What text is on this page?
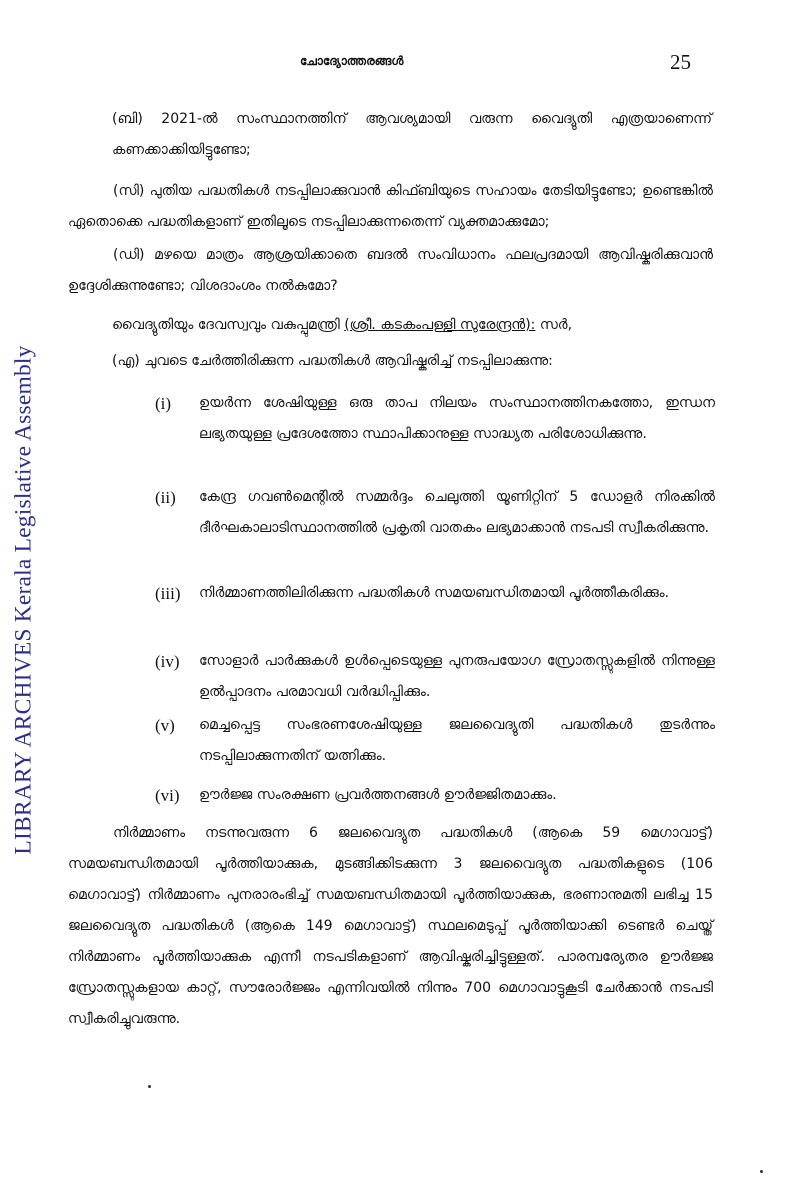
LIBRARY ARCHIVES Kerala Legislative Assembly
ചോദ്യോത്തരങ്ങൾ	25
(ബി) 2021-ൽ സംസ്ഥാനത്തിന് ആവശ്യമായി വരുന്ന വൈദ്യുതി എത്രയാണെന്ന് കണക്കാക്കിയിട്ടുണ്ടോ;
(സി) പുതിയ പദ്ധതികൾ നടപ്പിലാക്കുവാൻ കിഫ്ബിയുടെ സഹായം തേടിയിട്ടുണ്ടോ; ഉണ്ടെങ്കിൽ ഏതൊക്കെ പദ്ധതികളാണ് ഇതിലൂടെ നടപ്പിലാക്കുന്നതെന്ന് വ്യക്തമാക്കുമോ;
(ഡി) മഴയെ മാത്രം ആശ്രയിക്കാതെ ബദൽ സംവിധാനം ഫലപ്രദമായി ആവിഷ്കരിക്കുവാൻ ഉദ്ദേശിക്കുന്നുണ്ടോ; വിശദാംശം നൽകുമോ?
വൈദ്യുതിയും ദേവസ്വവും വകുപ്പുമന്ത്രി (ശ്രീ. കടകംപള്ളി സുരേന്ദ്രൻ): സർ,
(എ) ചുവടെ ചേർത്തിരിക്കുന്ന പദ്ധതികൾ ആവിഷ്കരിച്ച് നടപ്പിലാക്കുന്നു:
(i)	ഉയർന്ന ശേഷിയുള്ള ഒരു താപ നിലയം സംസ്ഥാനത്തിനകത്തോ, ഇന്ധന ലഭ്യതയുള്ള പ്രദേശത്തോ സ്ഥാപിക്കാനുള്ള സാദ്ധ്യത പരിശോധിക്കുന്നു.
(ii)	കേന്ദ്ര ഗവൺമെന്റിൽ സമ്മർദ്ദം ചെലുത്തി യൂണിറ്റിന് 5 ഡോളർ നിരക്കിൽ ദീർഘകാലാടിസ്ഥാനത്തിൽ പ്രകൃതി വാതകം ലഭ്യമാക്കാൻ നടപടി സ്വീകരിക്കുന്നു.
(iii)	നിർമ്മാണത്തിലിരിക്കുന്ന പദ്ധതികൾ സമയബന്ധിതമായി പൂർത്തീകരിക്കും.
(iv)	സോളാർ പാർക്കുകൾ ഉൾപ്പെടെയുള്ള പുനരുപയോഗ സ്രോതസ്സുകളിൽ നിന്നുള്ള ഉൽപ്പാദനം പരമാവധി വർദ്ധിപ്പിക്കും.
(v)	മെച്ചപ്പെട്ട സംഭരണശേഷിയുള്ള ജലവൈദ്യുതി പദ്ധതികൾ തുടർന്നും നടപ്പിലാക്കുന്നതിന് യത്നിക്കും.
(vi)	ഊർജ്ജ സംരക്ഷണ പ്രവർത്തനങ്ങൾ ഊർജ്ജിതമാക്കും.
നിർമ്മാണം നടന്നുവരുന്ന 6 ജലവൈദ്യുത പദ്ധതികൾ (ആകെ 59 മെഗാവാട്ട്) സമയബന്ധിതമായി പൂർത്തിയാക്കുക, മുടങ്ങിക്കിടക്കുന്ന 3 ജലവൈദ്യുത പദ്ധതികളുടെ (106 മെഗാവാട്ട്) നിർമ്മാണം പുനരാരംഭിച്ച് സമയബന്ധിതമായി പൂർത്തിയാക്കുക, ഭരണാനുമതി ലഭിച്ച 15 ജലവൈദ്യുത പദ്ധതികൾ (ആകെ 149 മെഗാവാട്ട്) സ്ഥലമെടുപ്പ് പൂർത്തിയാക്കി ടെണ്ടർ ചെയ്ത് നിർമ്മാണം പൂർത്തിയാക്കുക എന്നീ നടപടികളാണ് ആവിഷ്കരിച്ചിട്ടുള്ളത്. പാരമ്പര്യേതര ഊർജ്ജ സ്രോതസ്സുകളായ കാറ്റ്, സൗരോർജ്ജം എന്നിവയിൽ നിന്നും 700 മെഗാവാട്ടുകൂടി ചേർക്കാൻ നടപടി സ്വീകരിച്ചുവരുന്നു.
